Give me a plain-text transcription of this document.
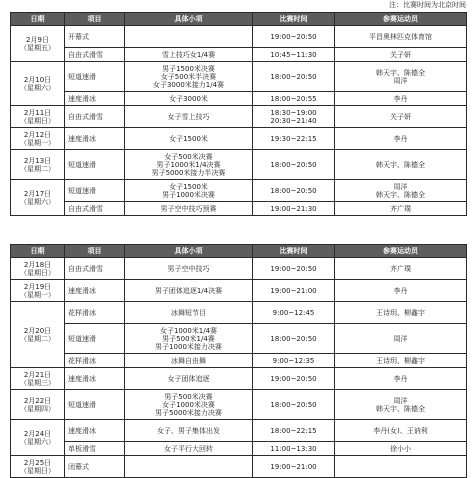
注：比赛时间为北京时间
日期	项目	具体小项	比赛时间	参赛运动员

2月9日
（星期五）	开幕式		19:00~20:50	平昌奥林匹克体育馆

	自由式滑雪	雪上技巧女1/4赛	10:45~11:30	关子妍

2月10日
（星期六）	短道速滑	男子1500米决赛
女子500米半决赛
女子3000米接力1/4赛	18:00~20:50	韩天宇、陈德全
周洋

	速度滑冰	女子3000米	18:00~20:55	李丹

2月11日
（星期日）	自由式滑雪	女子雪上技巧	18:30~19:00
20:30~21:40	关子妍

2月12日
（星期一）	速度滑冰	女子1500米	19:30~22:15	李丹

2月13日
（星期二）	短道速滑	女子500米决赛
男子1000米1/4决赛
男子5000米接力半决赛	18:00~20:50	韩天宇、陈德全

2月17日
（星期六）	短道速滑	女子1500米
男子1000米决赛	18:00~20:50	周洋
韩天宇、陈德全

	自由式滑雪	男子空中技巧预赛	19:00~21:30	齐广璞
日期	项目	具体小项	比赛时间	参赛运动员

2月18日
（星期日）	自由式滑雪	男子空中技巧	19:00~20:50	齐广璞

2月19日
（星期一）	速度滑冰	男子团体追逐1/4决赛	19:00~21:00	李丹

2月20日
（星期二）	花样滑冰	冰舞短节目	9:00~12:45	王诗玥、柳鑫宇

	短道速滑	女子1000米1/4赛
男子500米1/4赛
男子1000米接力决赛	18:00~20:50	周洋

	花样滑冰	冰舞自由舞	9:00~12:35	王诗玥、柳鑫宇

2月21日
（星期三）	速度滑冰	女子团体追逐	19:00~20:50	李丹

2月22日
（星期四）	短道速滑	男子500米决赛
女子1000米决赛
男子5000米接力决赛	18:00~20:50	周洋
韩天宇、陈德全

2月24日
（星期六）	速度滑冰	女子、男子集体出发	18:00~22:15	李丹(女)、王讷利

	单板滑雪	女子平行大回转	11:00~13:30	徐小小

2月25日
（星期日）	闭幕式		19:00~21:00	
